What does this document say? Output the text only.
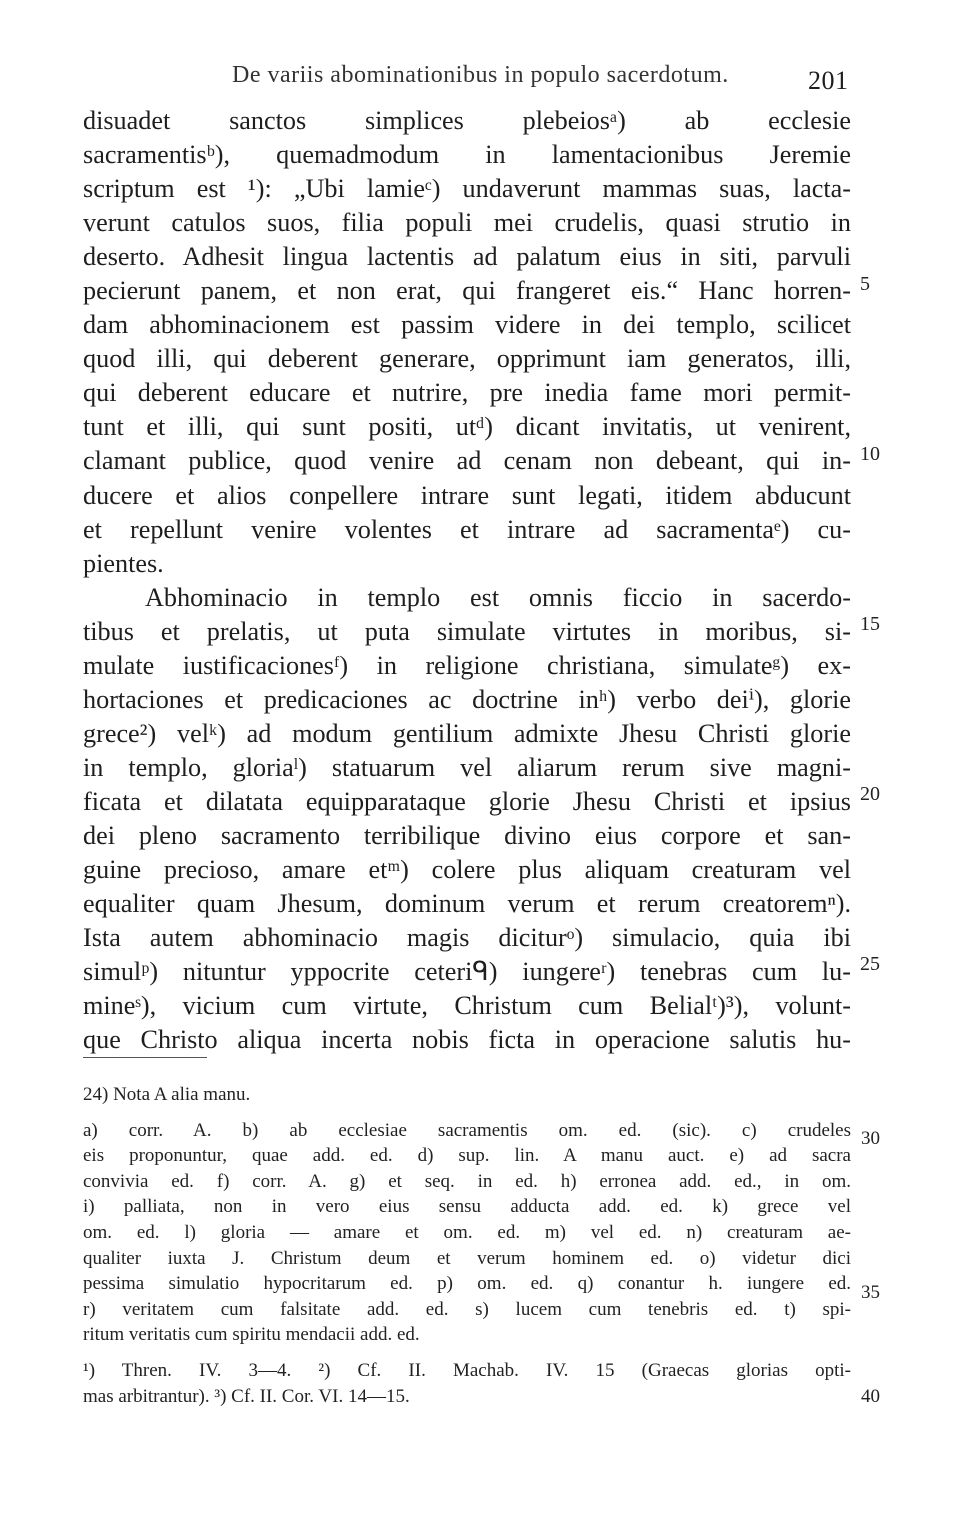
De variis abominationibus in populo sacerdotum.	201
disuadet sanctos simplices plebeiosᵃ) ab ecclesie
sacramentisᵇ), quemadmodum in lamentacionibus Jeremie
scriptum est ¹): „Ubi lamieᶜ) undaverunt mammas suas, lacta-
verunt catulos suos, filia populi mei crudelis, quasi strutio in
deserto. Adhesit lingua lactentis ad palatum eius in siti, parvuli
pecierunt panem, et non erat, qui frangeret eis.“ Hanc horren-
dam abhominacionem est passim videre in dei templo, scilicet
quod illi, qui deberent generare, opprimunt iam generatos, illi,
qui deberent educare et nutrire, pre inedia fame mori permit-
tunt et illi, qui sunt positi, utᵈ) dicant invitatis, ut venirent,
clamant publice, quod venire ad cenam non debeant, qui in-
ducere et alios conpellere intrare sunt legati, itidem abducunt
et repellunt venire volentes et intrare ad sacramentaᵉ) cu-
pientes.
Abhominacio in templo est omnis ficcio in sacerdo-
tibus et prelatis, ut puta simulate virtutes in moribus, si-
mulate iustificacionesᶠ) in religione christiana, simulateᵍ) ex-
hortaciones et predicaciones ac doctrine inʰ) verbo deiⁱ), glorie
grece²) velᵏ) ad modum gentilium admixte Jhesu Christi glorie
in templo, gloriaˡ) statuarum vel aliarum rerum sive magni-
ficata et dilatata equipparataque glorie Jhesu Christi et ipsius
dei pleno sacramento terribilique divino eius corpore et san-
guine precioso, amare etᵐ) colere plus aliquam creaturam vel
equaliter quam Jhesum, dominum verum et rerum creatoremⁿ).
Ista autem abhominacio magis diciturᵒ) simulacio, quia ibi
simulᵖ) nituntur yppocrite ceteriᑫ) iungereʳ) tenebras cum lu-
mineˢ), vicium cum virtute, Christum cum Belialᵗ)³), volunt-
que Christo aliqua incerta nobis ficta in operacione salutis hu-
5
10
15
20
25
24) Nota A alia manu.
a) corr. A. b) ab ecclesiae sacramentis om. ed. (sic). c) crudeles
eis proponuntur, quae add. ed. d) sup. lin. A manu auct. e) ad sacra
convivia ed. f) corr. A. g) et seq. in ed. h) erronea add. ed., in om.
i) palliata, non in vero eius sensu adducta add. ed. k) grece vel
om. ed. l) gloria — amare et om. ed. m) vel ed. n) creaturam ae-
qualiter iuxta J. Christum deum et verum hominem ed. o) videtur dici
pessima simulatio hypocritarum ed. p) om. ed. q) conantur h. iungere ed.
r) veritatem cum falsitate add. ed. s) lucem cum tenebris ed. t) spi-
ritum veritatis cum spiritu mendacii add. ed.
¹) Thren. IV. 3—4. ²) Cf. II. Machab. IV. 15 (Graecas glorias opti-
mas arbitrantur). ³) Cf. II. Cor. VI. 14—15.
30
35
40
